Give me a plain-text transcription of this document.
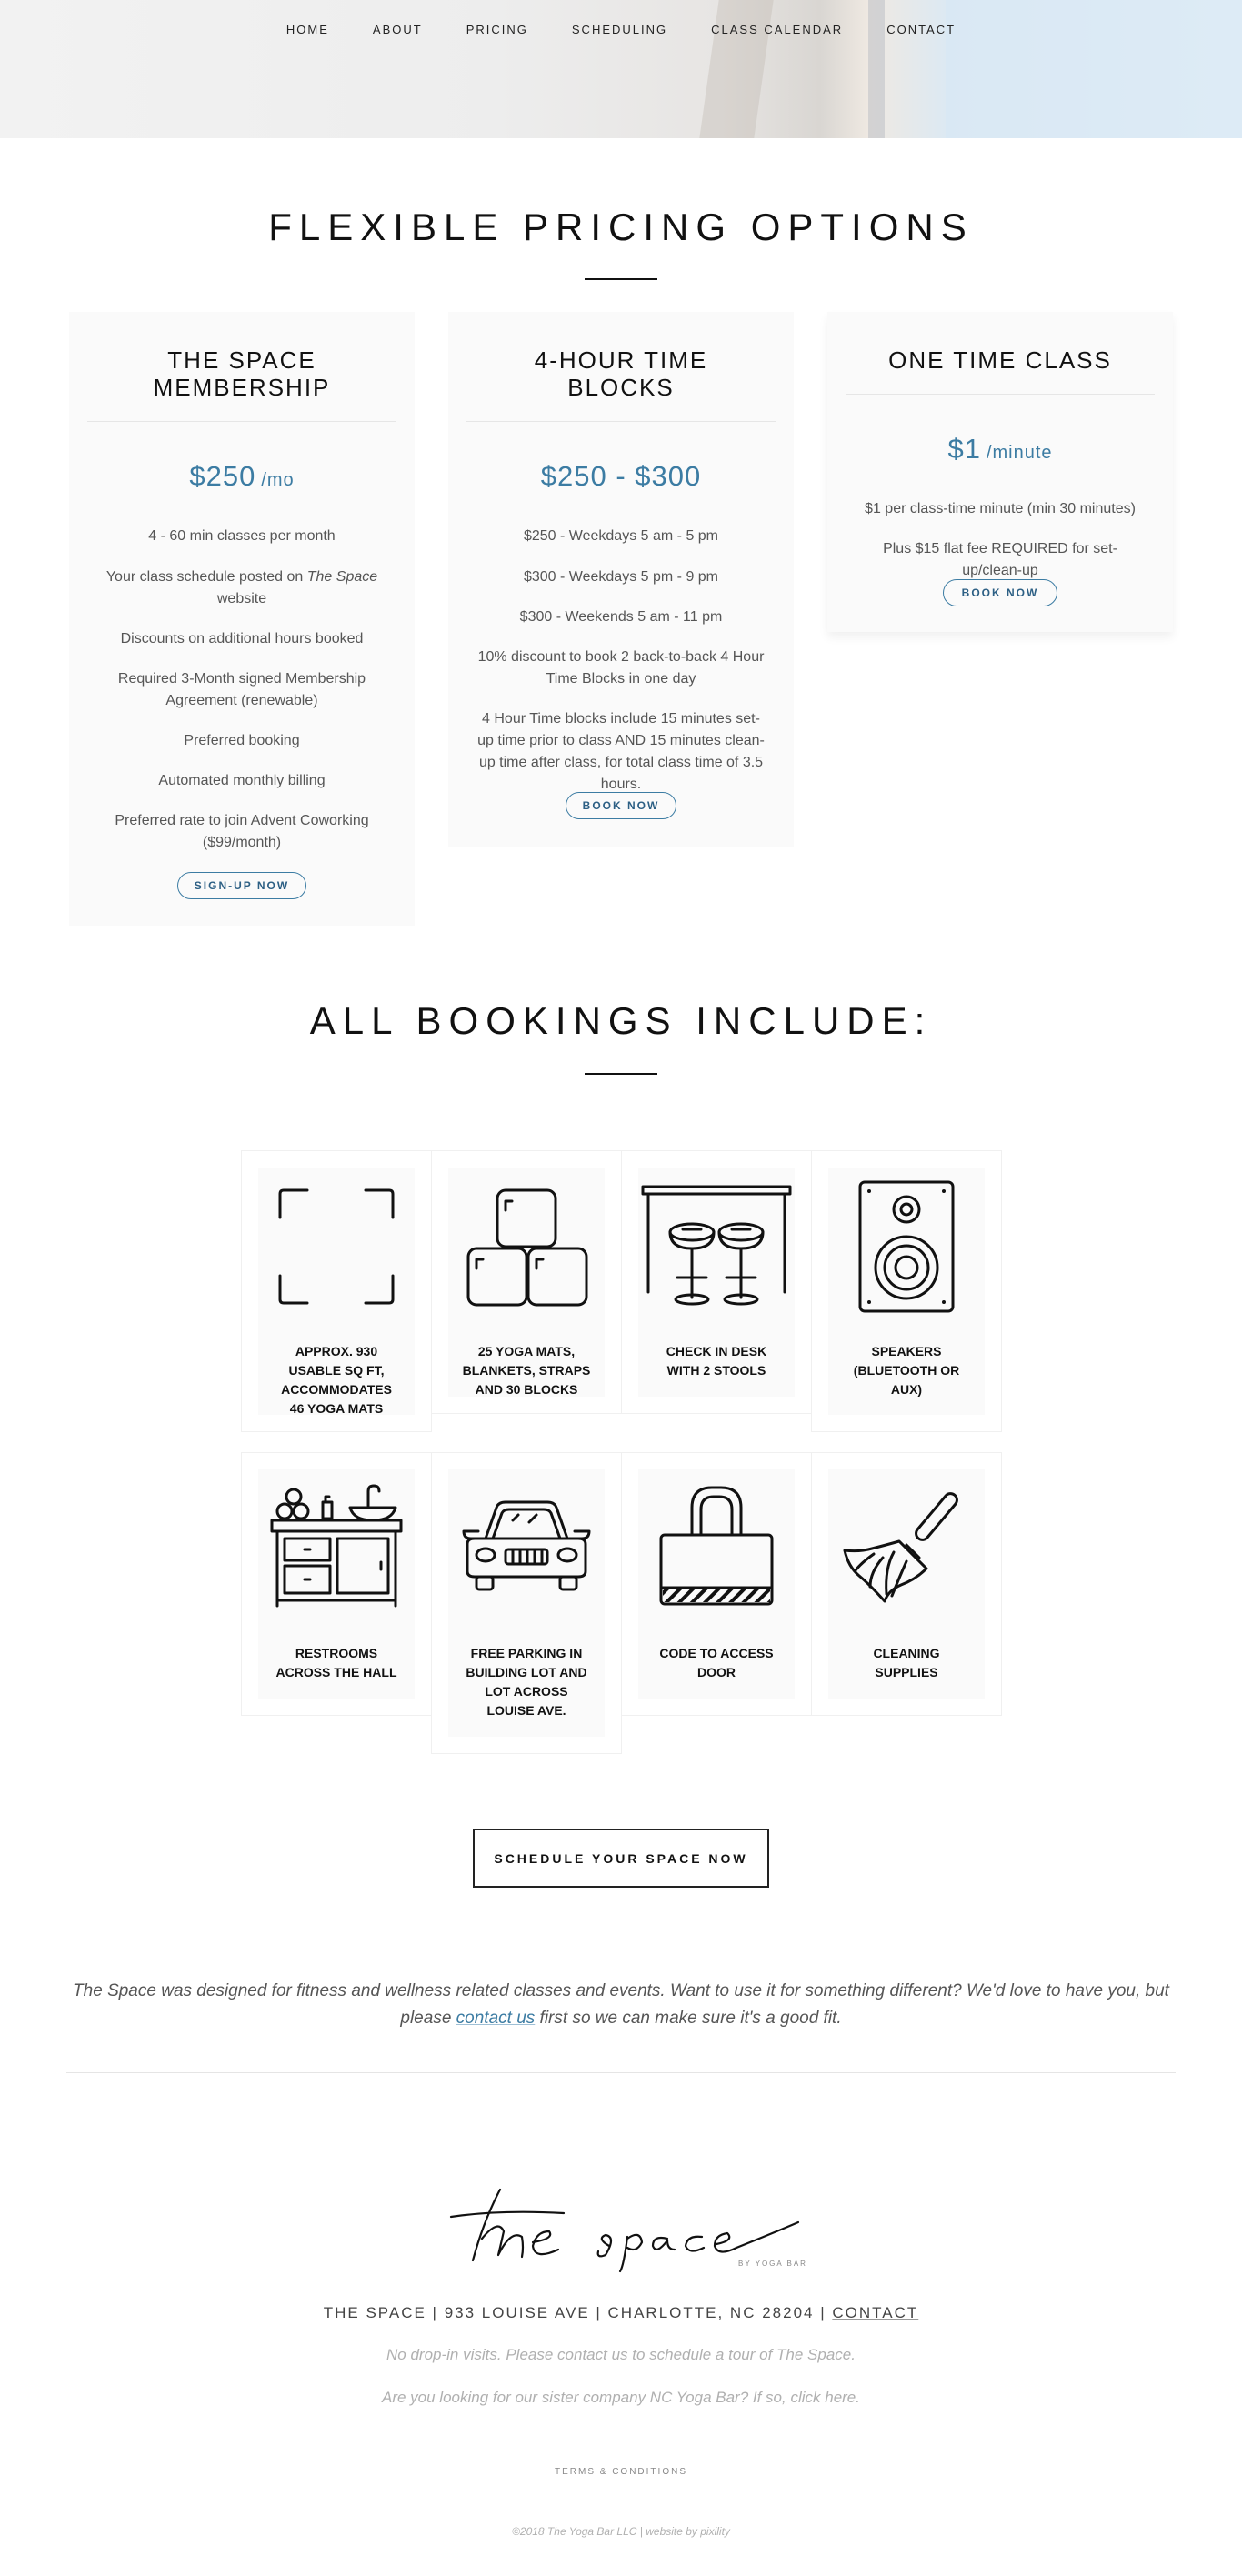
HOME	ABOUT	PRICING	SCHEDULING	CLASS CALENDAR	CONTACT
FLEXIBLE PRICING OPTIONS
THE SPACE
MEMBERSHIP
$250 /mo
4 - 60 min classes per month
Your class schedule posted on The Space website
Discounts on additional hours booked
Required 3-Month signed Membership Agreement (renewable)
Preferred booking
Automated monthly billing
Preferred rate to join Advent Coworking ($99/month)
SIGN-UP NOW
4-HOUR TIME
BLOCKS
$250 - $300
$250 - Weekdays 5 am - 5 pm
$300 - Weekdays 5 pm - 9 pm
$300 - Weekends 5 am - 11 pm
10% discount to book 2 back-to-back 4 Hour Time Blocks in one day
4 Hour Time blocks include 15 minutes set-up time prior to class AND 15 minutes clean-up time after class, for total class time of 3.5 hours.
BOOK NOW
ONE TIME CLASS
$1 /minute
$1 per class-time minute (min 30 minutes)
Plus $15 flat fee REQUIRED for set-up/clean-up
BOOK NOW
ALL BOOKINGS INCLUDE:
APPROX. 930
USABLE SQ FT,
ACCOMMODATES
46 YOGA MATS
25 YOGA MATS,
BLANKETS, STRAPS
AND 30 BLOCKS
CHECK IN DESK
WITH 2 STOOLS
SPEAKERS
(BLUETOOTH OR
AUX)
RESTROOMS
ACROSS THE HALL
FREE PARKING IN
BUILDING LOT AND
LOT ACROSS
LOUISE AVE.
CODE TO ACCESS
DOOR
CLEANING
SUPPLIES
SCHEDULE YOUR SPACE NOW
The Space was designed for fitness and wellness related classes and events. Want to use it for something different? We'd love to have you, but please contact us first so we can make sure it's a good fit.
BY YOGA BAR
THE SPACE | 933 LOUISE AVE | CHARLOTTE, NC 28204 | CONTACT
No drop-in visits. Please contact us to schedule a tour of The Space.
Are you looking for our sister company NC Yoga Bar? If so, click here.
TERMS & CONDITIONS
©2018 The Yoga Bar LLC | website by pixility
